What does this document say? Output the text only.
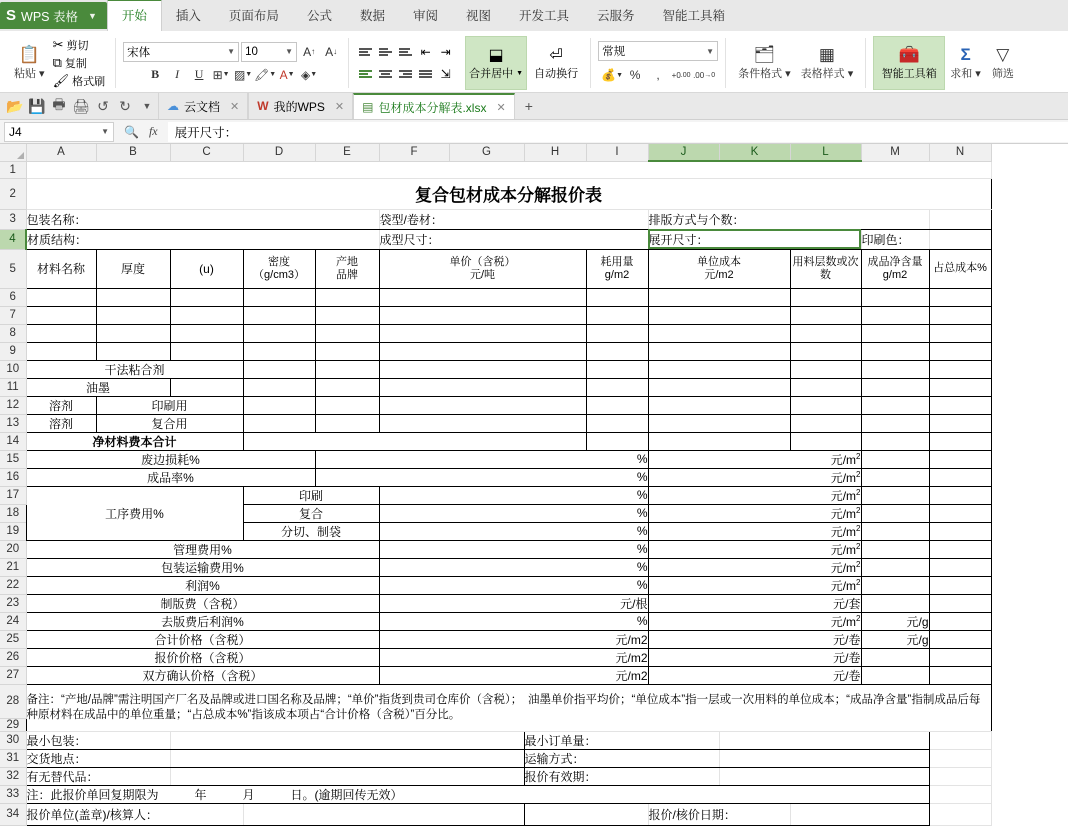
S WPS 表格 ▼	开始	插入	页面布局	公式	数据	审阅	视图	开发工具	云服务	智能工具箱
📋
粘贴 ▾
✂ 剪切
⧉ 复制
🖌 格式刷
宋体	▼ 10	▼ A ↑ A ↓
B	I	U ⊞ ▼ ▨ ▼ 🖍 ▼ A ▼ ◈ ▼
⇤ ⇥
⇲
⬓
合并居中 ▼
⏎
自动换行
常规	▼
💰 ▼ %	,	+0 .00 .00 →0
🗂
条件格式 ▾
▦
表格样式 ▾
🧰
智能工具箱
Σ
求和 ▾
▽
筛选
📂 💾 🖶 🖨 ↺ ↻	▼	☁ 云文档 ✕ W 我的WPS ✕ ▤ 包材成本分解表.xlsx ✕	+
J4	▼ 🔍 fx	展开尺寸：
	A	B	C	D	E	F	G	H	I	J	K	L	M	N
1														
2	复合包材成本分解报价表													
3	包装名称：					袋型/卷材：				排版方式与个数：				
4	材质结构：					成型尺寸：				展开尺寸：			印刷色：	
5	材料名称	厚度	(u)	密度
（g/cm3）	产地
品牌	单价（含税）
元/吨			耗用量
g/m2	单位成本
元/m2		用料层数或次数	成品净含量
g/m2	占总成本%
6														
7														
8														
9														
10	干法粘合剂													
11	油墨													
12	溶剂	印刷用												
13	溶剂	复合用												
14	净材料费本合计													
15	废边损耗%				%					元$/m^2$		
16	成品率%				%					元$/m^2$		
17	工序费用%			印刷		%				元$/m^2$		
18				复合		%				元$/m^2$		
19				分切、制袋		%				元$/m^2$		
20	管理费用%					%				元$/m^2$		
21	包装运输费用%					%				元$/m^2$		
22	利润%					%				元$/m^2$		
23	制版费（含税）					元/根				元/套				
24	去版费后利润%					%				元$/m^2$			元/g	
25	合计价格（含税）					元/m2				元/卷			元/g	
26	报价价格（含税）					元/m2				元/卷				
27	双方确认价格（含税）					元/m2				元/卷				
28	备注：“产地/品牌”需注明国产厂名及品牌或进口国名称及品牌；“单价”指货到贵司仓库价（含税）；　油墨单价指平均价；“单位成本”指一层或一次用料的单位成本；“成品净含量”指制成品后每种原材料在成品中的单位重量；“占总成本%”指该成本项占“合计价格（含税）”百分比。													
29														
30	最小包装：							最小订单量：						
31	交货地点：							运输方式：						
32	有无替代品：							报价有效期：						
33	注：此报价单回复期限为　　　年　　　月　　　日。(逾期回传无效）													
34	报价单位(盖章)/核算人：									报价/核价日期：				
